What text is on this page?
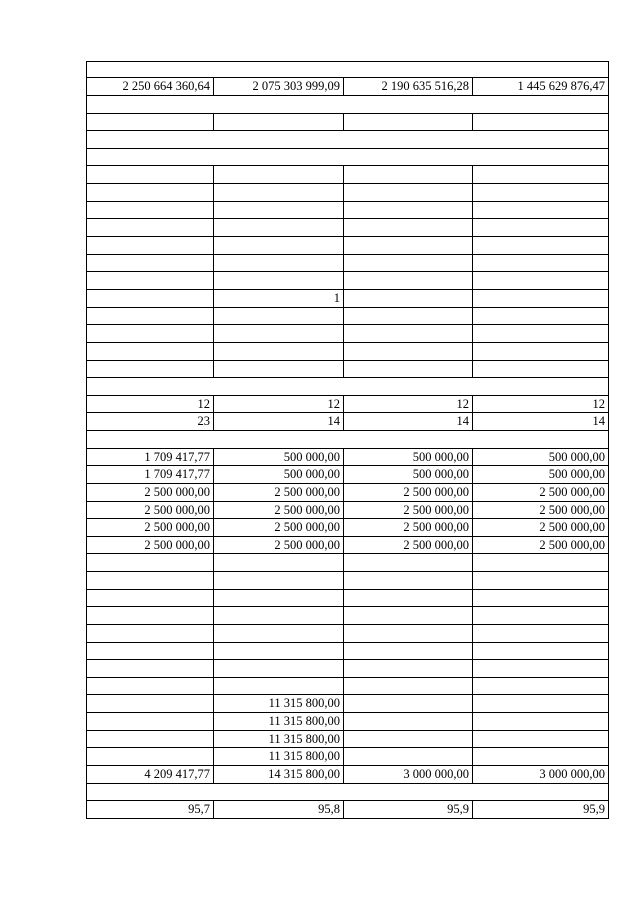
2 250 664 360,64	2 075 303 999,09	2 190 635 516,28	1 445 629 876,47

	1		

12	12	12	12
23	14	14	14

1 709 417,77	500 000,00	500 000,00	500 000,00
1 709 417,77	500 000,00	500 000,00	500 000,00
2 500 000,00	2 500 000,00	2 500 000,00	2 500 000,00
2 500 000,00	2 500 000,00	2 500 000,00	2 500 000,00
2 500 000,00	2 500 000,00	2 500 000,00	2 500 000,00
2 500 000,00	2 500 000,00	2 500 000,00	2 500 000,00

	11 315 800,00		
	11 315 800,00		
	11 315 800,00		
	11 315 800,00		
4 209 417,77	14 315 800,00	3 000 000,00	3 000 000,00

95,7	95,8	95,9	95,9
